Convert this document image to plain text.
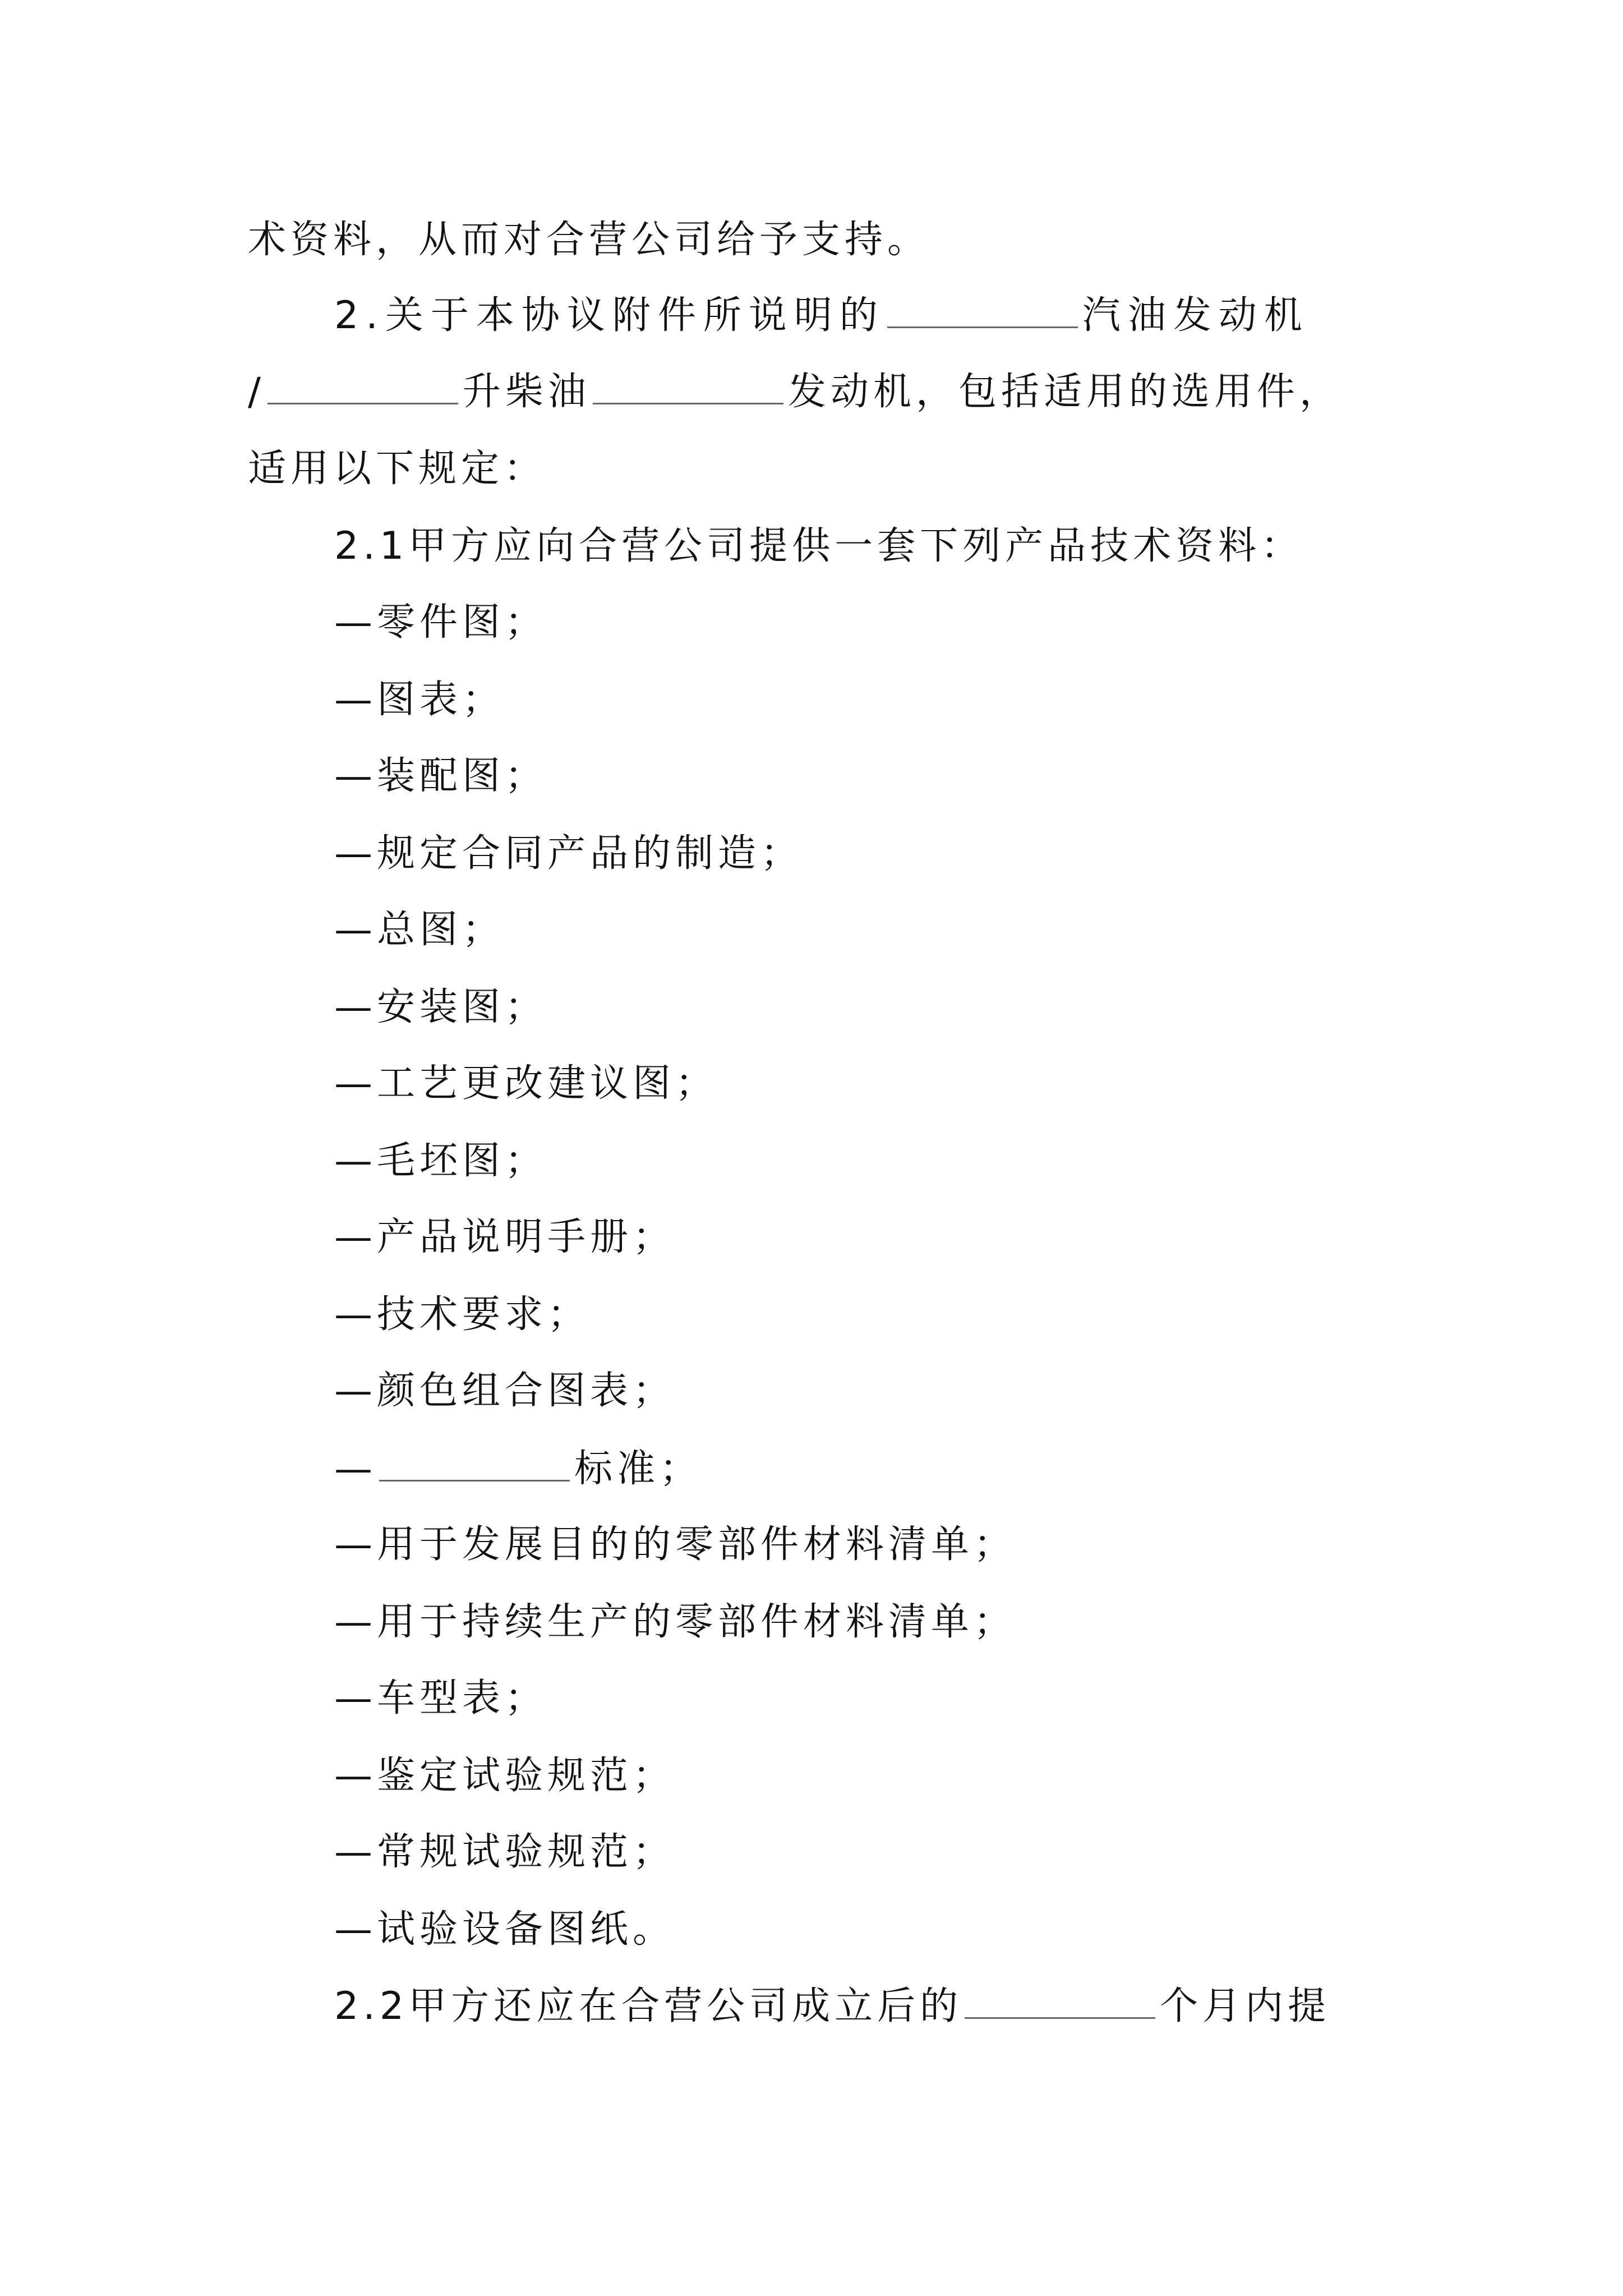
术资料，从而对合营公司给予支持。
2.关于本协议附件所说明的	汽油发动机
/	升柴油	发动机，包括适用的选用件，
适用以下规定：
2.1甲方应向合营公司提供一套下列产品技术资料：
—零件图；
—图表；
—装配图；
—规定合同产品的制造；
—总图；
—安装图；
—工艺更改建议图；
—毛坯图；
—产品说明手册；
—技术要求；
—颜色组合图表；
—	标准；
—用于发展目的的零部件材料清单；
—用于持续生产的零部件材料清单；
—车型表；
—鉴定试验规范；
—常规试验规范；
—试验设备图纸。
2.2甲方还应在合营公司成立后的	个月内提
